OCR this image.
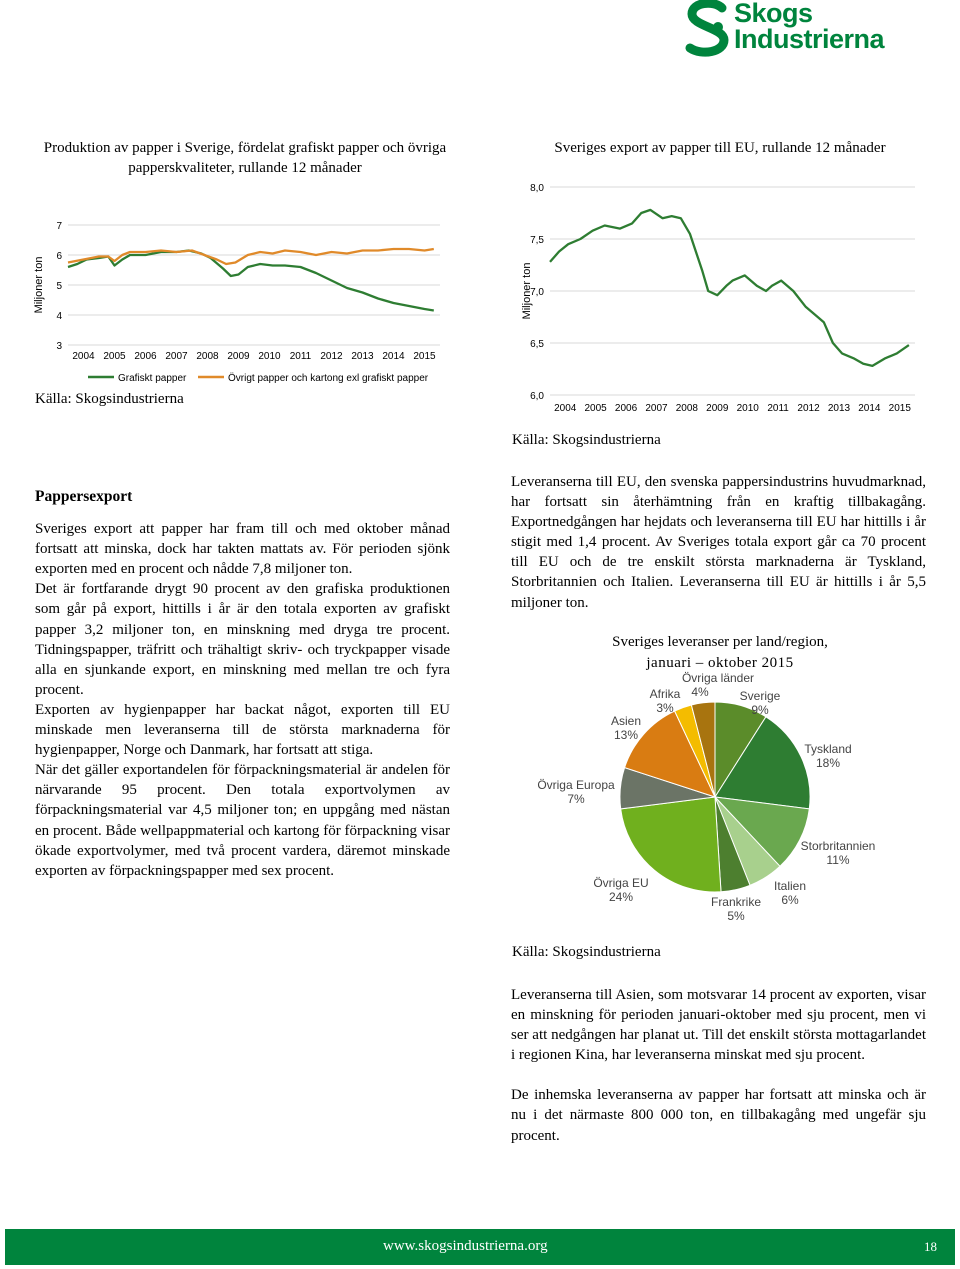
Skogs
Industrierna
Produktion av papper i Sverige, fördelat grafiskt papper och övriga papperskvaliteter, rullande 12 månader
7
6
5
4
3
2004 2005 2006 2007 2008 2009 2010 2011 2012 2013 2014 2015
Miljoner ton
Grafiskt papper	Övrigt papper och kartong exl grafiskt papper
Källa: Skogsindustrierna
Sveriges export av papper till EU, rullande 12 månader
8,0
7,5
7,0
6,5
6,0
2004 2005 2006 2007 2008 2009 2010 2011 2012 2013 2014 2015
Miljoner ton
Källa: Skogsindustrierna
Pappersexport

Sveriges export att papper har fram till och med oktober månad fortsatt att minska, dock har takten mattats av. För perioden sjönk exporten med en procent och nådde 7,8 miljoner ton.

Det är fortfarande drygt 90 procent av den grafiska produktionen som går på export, hittills i år är den totala exporten av grafiskt papper 3,2 miljoner ton, en minskning med dryga tre procent. Tidningspapper, träfritt och trähaltigt skriv- och tryckpapper visade alla en sjunkande export, en minskning med mellan tre och fyra procent.

Exporten av hygienpapper har backat något, exporten till EU minskade men leveranserna till de största marknaderna för hygienpapper, Norge och Danmark, har fortsatt att stiga.

När det gäller exportandelen för förpackningsmaterial är andelen för närvarande 95 procent. Den totala exportvolymen av förpackningsmaterial var 4,5 miljoner ton; en uppgång med nästan en procent. Både wellpappmaterial och kartong för förpackning visar ökade exportvolymer, med två procent vardera, däremot minskade exporten av förpackningspapper med sex procent.

Leveranserna till EU, den svenska pappersindustrins huvudmarknad, har fortsatt sin återhämtning från en kraftig tillbakagång. Exportnedgången har hejdats och leveranserna till EU har hittills i år stigit med 1,4 procent. Av Sveriges totala export går ca 70 procent till EU och de tre enskilt största marknaderna är Tyskland, Storbritannien och Italien. Leveranserna till EU är hittills i år 5,5 miljoner ton.

Sveriges leveranser per land/region,
januari – oktober 2015
Sverige
9%
Tyskland
18%
Storbritannien
11%
Italien
6%
Frankrike
5%
Övriga EU
24%
Övriga Europa
7%
Asien
13%
Afrika
3%
Övriga länder
4%
Källa: Skogsindustrierna

Leveranserna till Asien, som motsvarar 14 procent av exporten, visar en minskning för perioden januari-oktober med sju procent, men vi ser att nedgången har planat ut. Till det enskilt största mottagarlandet i regionen Kina, har leveranserna minskat med sju procent.

De inhemska leveranserna av papper har fortsatt att minska och är nu i det närmaste 800 000 ton, en tillbakagång med ungefär sju procent.

www.skogsindustrierna.org	18
